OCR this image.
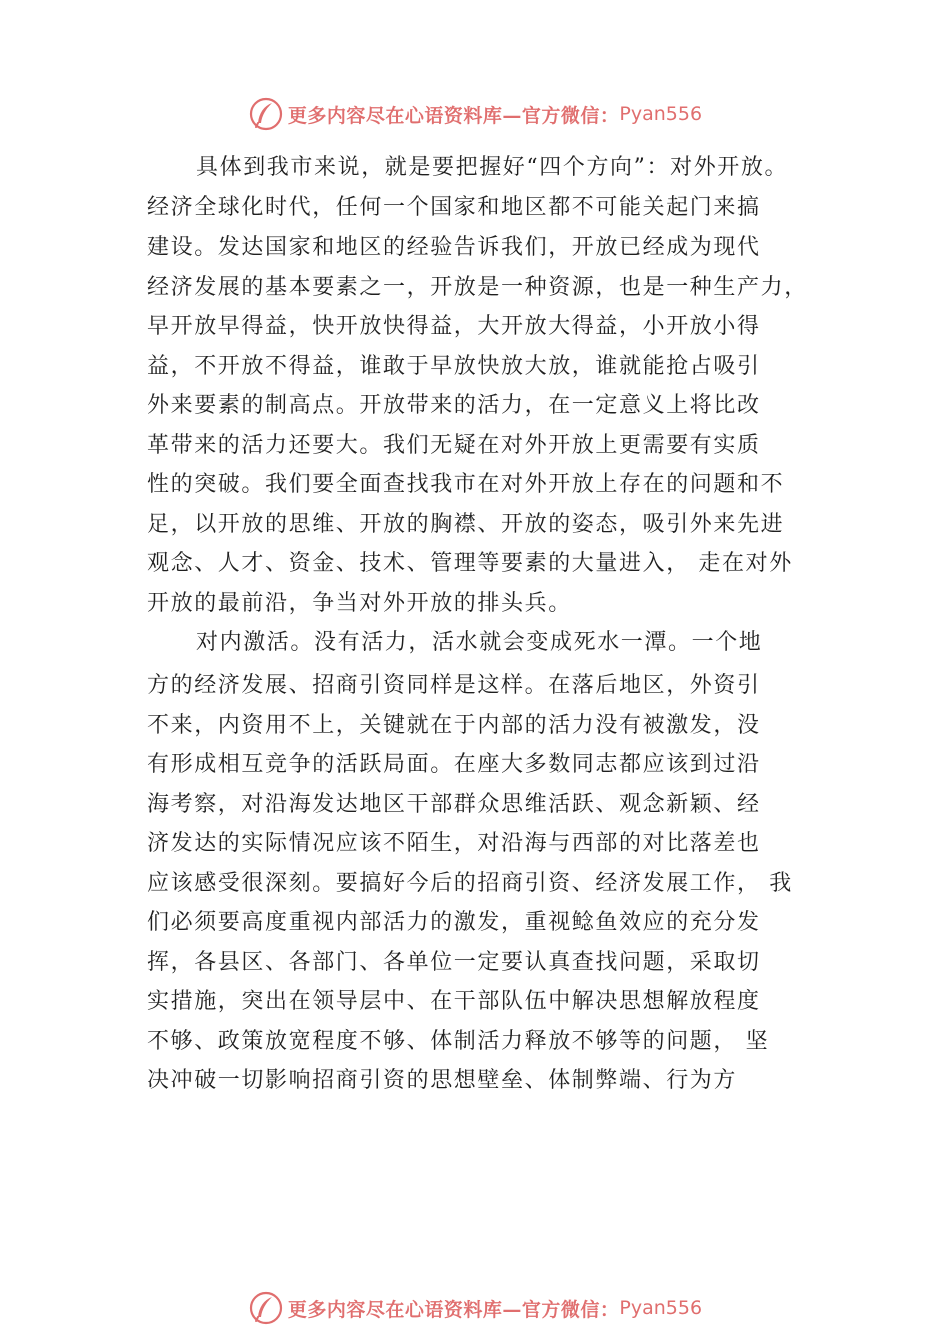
更多内容尽在心语资料库—官方微信： Pyan556
具体到我市来说，就是要把握好“四个方向”：对外开放。
经济全球化时代，任何一个国家和地区都不可能关起门来搞
建设。发达国家和地区的经验告诉我们，开放已经成为现代
经济发展的基本要素之一，开放是一种资源，也是一种生产力，
早开放早得益，快开放快得益，大开放大得益，小开放小得
益，不开放不得益，谁敢于早放快放大放，谁就能抢占吸引
外来要素的制高点。开放带来的活力，在一定意义上将比改
革带来的活力还要大。我们无疑在对外开放上更需要有实质
性的突破。我们要全面查找我市在对外开放上存在的问题和不
足，以开放的思维、开放的胸襟、开放的姿态，吸引外来先进
观念、人才、资金、技术、管理等要素的大量进入， 走在对外
开放的最前沿，争当对外开放的排头兵。
对内激活。没有活力，活水就会变成死水一潭。一个地
方的经济发展、招商引资同样是这样。在落后地区，外资引
不来，内资用不上，关键就在于内部的活力没有被激发，没
有形成相互竞争的活跃局面。在座大多数同志都应该到过沿
海考察，对沿海发达地区干部群众思维活跃、观念新颖、经
济发达的实际情况应该不陌生，对沿海与西部的对比落差也
应该感受很深刻。要搞好今后的招商引资、经济发展工作， 我
们必须要高度重视内部活力的激发，重视鲶鱼效应的充分发
挥，各县区、各部门、各单位一定要认真查找问题，采取切
实措施，突出在领导层中、在干部队伍中解决思想解放程度
不够、政策放宽程度不够、体制活力释放不够等的问题， 坚
决冲破一切影响招商引资的思想壁垒、体制弊端、行为方
更多内容尽在心语资料库—官方微信： Pyan556
